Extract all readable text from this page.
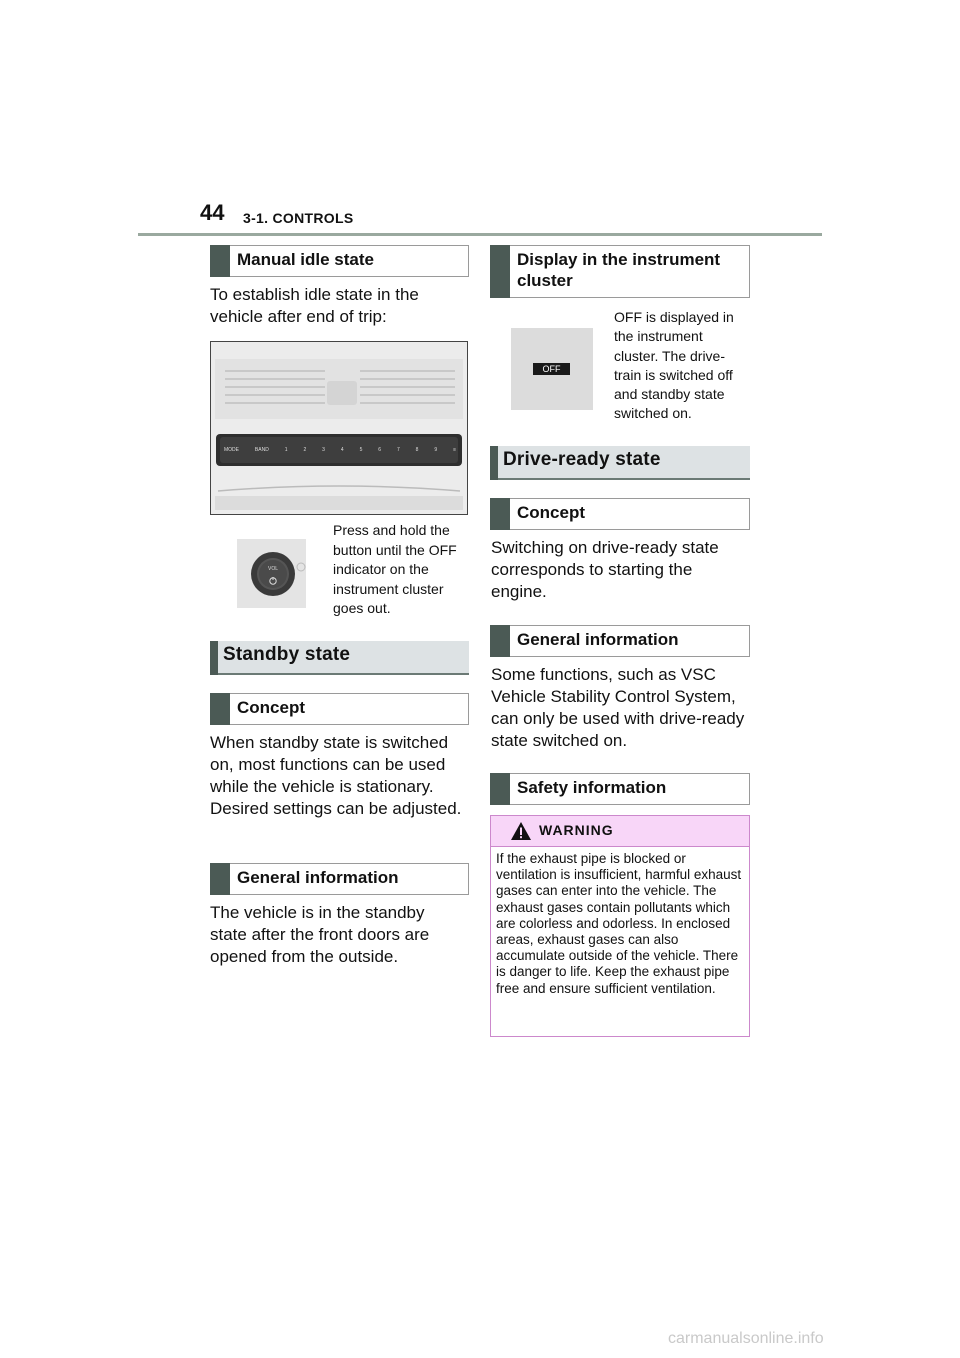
44 3-1. CONTROLS
Manual idle state
To establish idle state in the vehicle after end of trip:
MODE	BAND	1	2	3	4	5	6	7	8	9	≡
VOL
Press and hold the button until the OFF indicator on the instrument cluster goes out.
Standby state
Concept
When standby state is switched on, most functions can be used while the vehicle is stationary. Desired settings can be adjusted.
General information
The vehicle is in the standby state after the front doors are opened from the outside.
Display in the instrument cluster
OFF
OFF is displayed in the instrument cluster. The drive-train is switched off and standby state switched on.
Drive-ready state
Concept
Switching on drive-ready state corresponds to starting the engine.
General information
Some functions, such as VSC Vehicle Stability Control System, can only be used with drive-ready state switched on.
Safety information
WARNING
If the exhaust pipe is blocked or ventilation is insufficient, harmful exhaust gases can enter into the vehicle. The exhaust gases contain pollutants which are colorless and odorless. In enclosed areas, exhaust gases can also accumulate outside of the vehicle. There is danger to life. Keep the exhaust pipe free and ensure sufficient ventilation.
carmanualsonline.info
